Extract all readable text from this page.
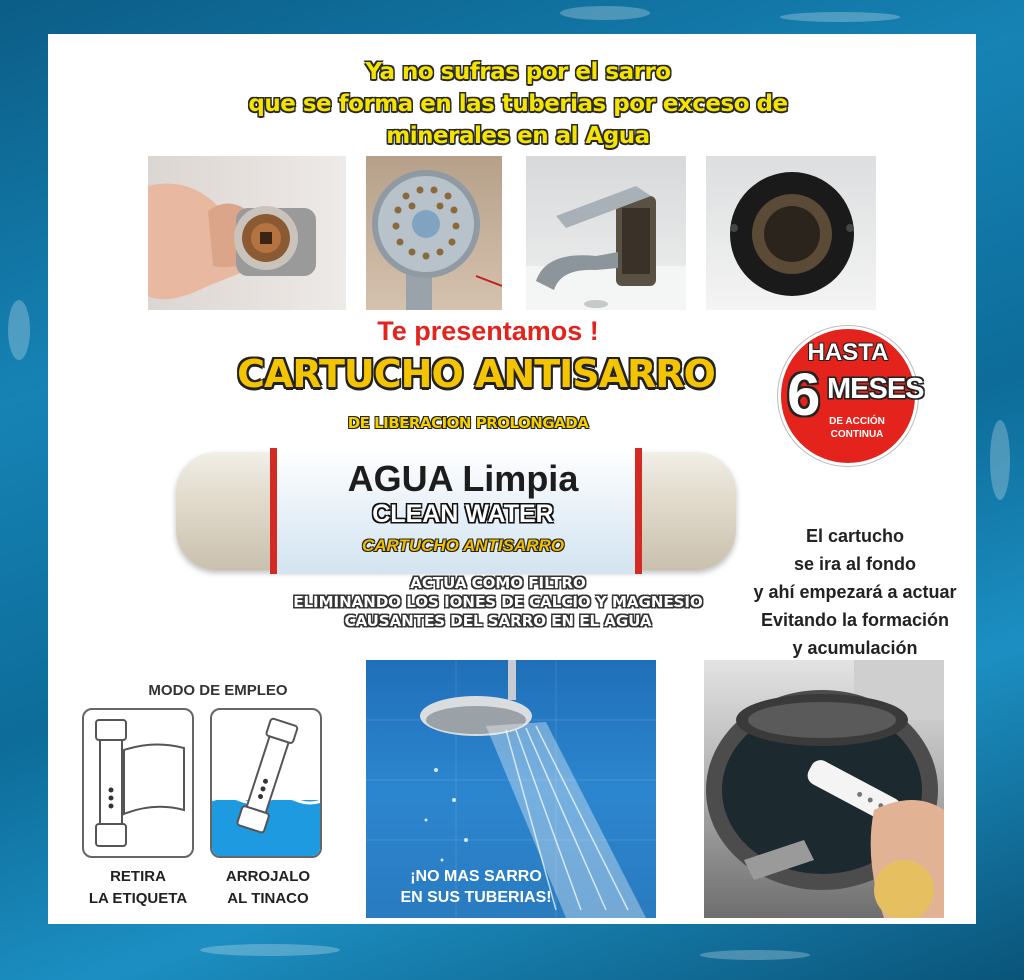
Ya no sufras por el sarro
que se forma en las tuberias por exceso de
minerales en al Agua
Te presentamos !
CARTUCHO ANTISARRO
DE LIBERACION PROLONGADA
HASTA
6 MESES
DE ACCIÓN
CONTINUA
AGUA Limpia
CLEAN WATER
CARTUCHO ANTISARRO
ACTUA COMO FILTRO
ELIMINANDO LOS IONES DE CALCIO Y MAGNESIO
CAUSANTES DEL SARRO EN EL AGUA
El cartucho
se ira al fondo
y ahí empezará a actuar
Evitando la formación
y acumulación
MODO DE EMPLEO
RETIRA
LA ETIQUETA
ARROJALO
AL TINACO
¡NO MAS SARRO
EN SUS TUBERIAS!
